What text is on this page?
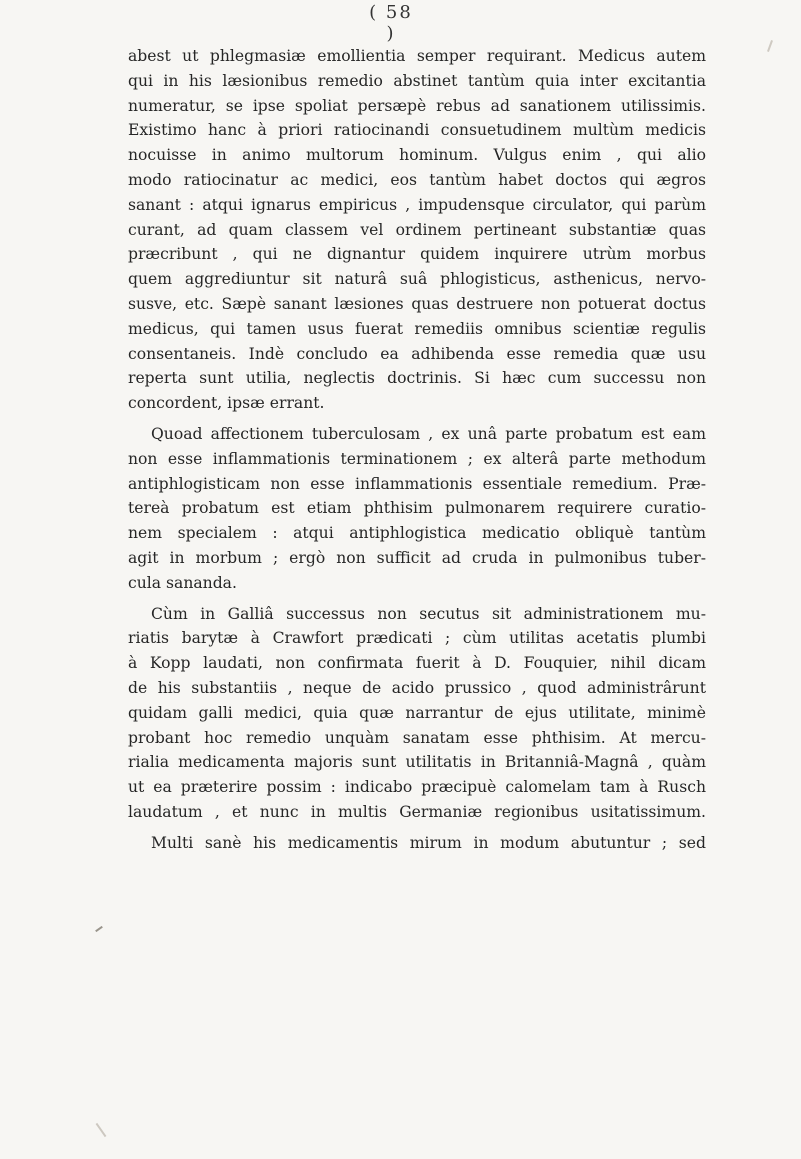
( 58 )
abest ut phlegmasiæ emollientia semper requirant. Medicus autem
qui in his læsionibus remedio abstinet tantùm quia inter excitantia
numeratur, se ipse spoliat persæpè rebus ad sanationem utilissimis.
Existimo hanc à priori ratiocinandi consuetudinem multùm medicis
nocuisse in animo multorum hominum. Vulgus enim , qui alio
modo ratiocinatur ac medici, eos tantùm habet doctos qui ægros
sanant : atqui ignarus empiricus , impudensque circulator, qui parùm
curant, ad quam classem vel ordinem pertineant substantiæ quas
præcribunt , qui ne dignantur quidem inquirere utrùm morbus
quem aggrediuntur sit naturâ suâ phlogisticus, asthenicus, nervo-
susve, etc. Sæpè sanant læsiones quas destruere non potuerat doctus
medicus, qui tamen usus fuerat remediis omnibus scientiæ regulis
consentaneis. Indè concludo ea adhibenda esse remedia quæ usu
reperta sunt utilia, neglectis doctrinis. Si hæc cum successu non
concordent, ipsæ errant.
Quoad affectionem tuberculosam , ex unâ parte probatum est eam
non esse inflammationis terminationem ; ex alterâ parte methodum
antiphlogisticam non esse inflammationis essentiale remedium. Præ-
tereà probatum est etiam phthisim pulmonarem requirere curatio-
nem specialem : atqui antiphlogistica medicatio obliquè tantùm
agit in morbum ; ergò non sufficit ad cruda in pulmonibus tuber-
cula sananda.
Cùm in Galliâ successus non secutus sit administrationem mu-
riatis barytæ à Crawfort prædicati ; cùm utilitas acetatis plumbi
à Kopp laudati, non confirmata fuerit à D. Fouquier, nihil dicam
de his substantiis , neque de acido prussico , quod administrârunt
quidam galli medici, quia quæ narrantur de ejus utilitate, minimè
probant hoc remedio unquàm sanatam esse phthisim. At mercu-
rialia medicamenta majoris sunt utilitatis in Britanniâ-Magnâ , quàm
ut ea præterire possim : indicabo præcipuè calomelam tam à Rusch
laudatum , et nunc in multis Germaniæ regionibus usitatissimum.
Multi sanè his medicamentis mirum in modum abutuntur ; sed
